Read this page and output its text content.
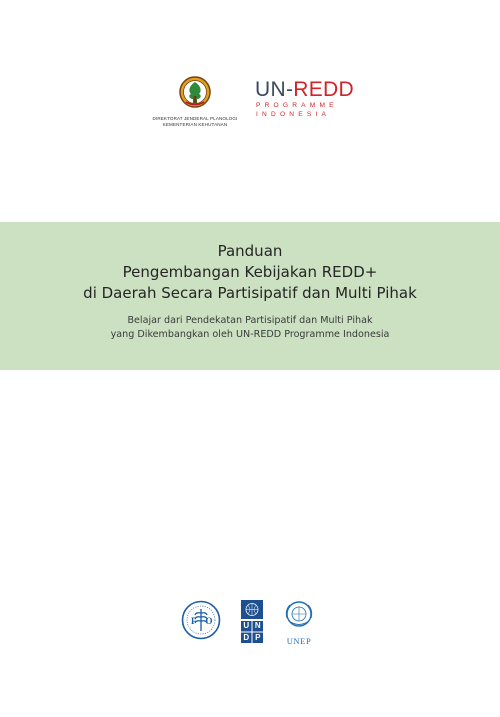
DIREKTORAT JENDERAL PLANOLOGI
KEMENTERIAN KEHUTANAN
UN-REDD
PROGRAMME
INDONESIA
Panduan
Pengembangan Kebijakan REDD+
di Daerah Secara Partisipatif dan Multi Pihak
Belajar dari Pendekatan Partisipatif dan Multi Pihak
yang Dikembangkan oleh UN-REDD Programme Indonesia
F O	U N
D P	UNEP
